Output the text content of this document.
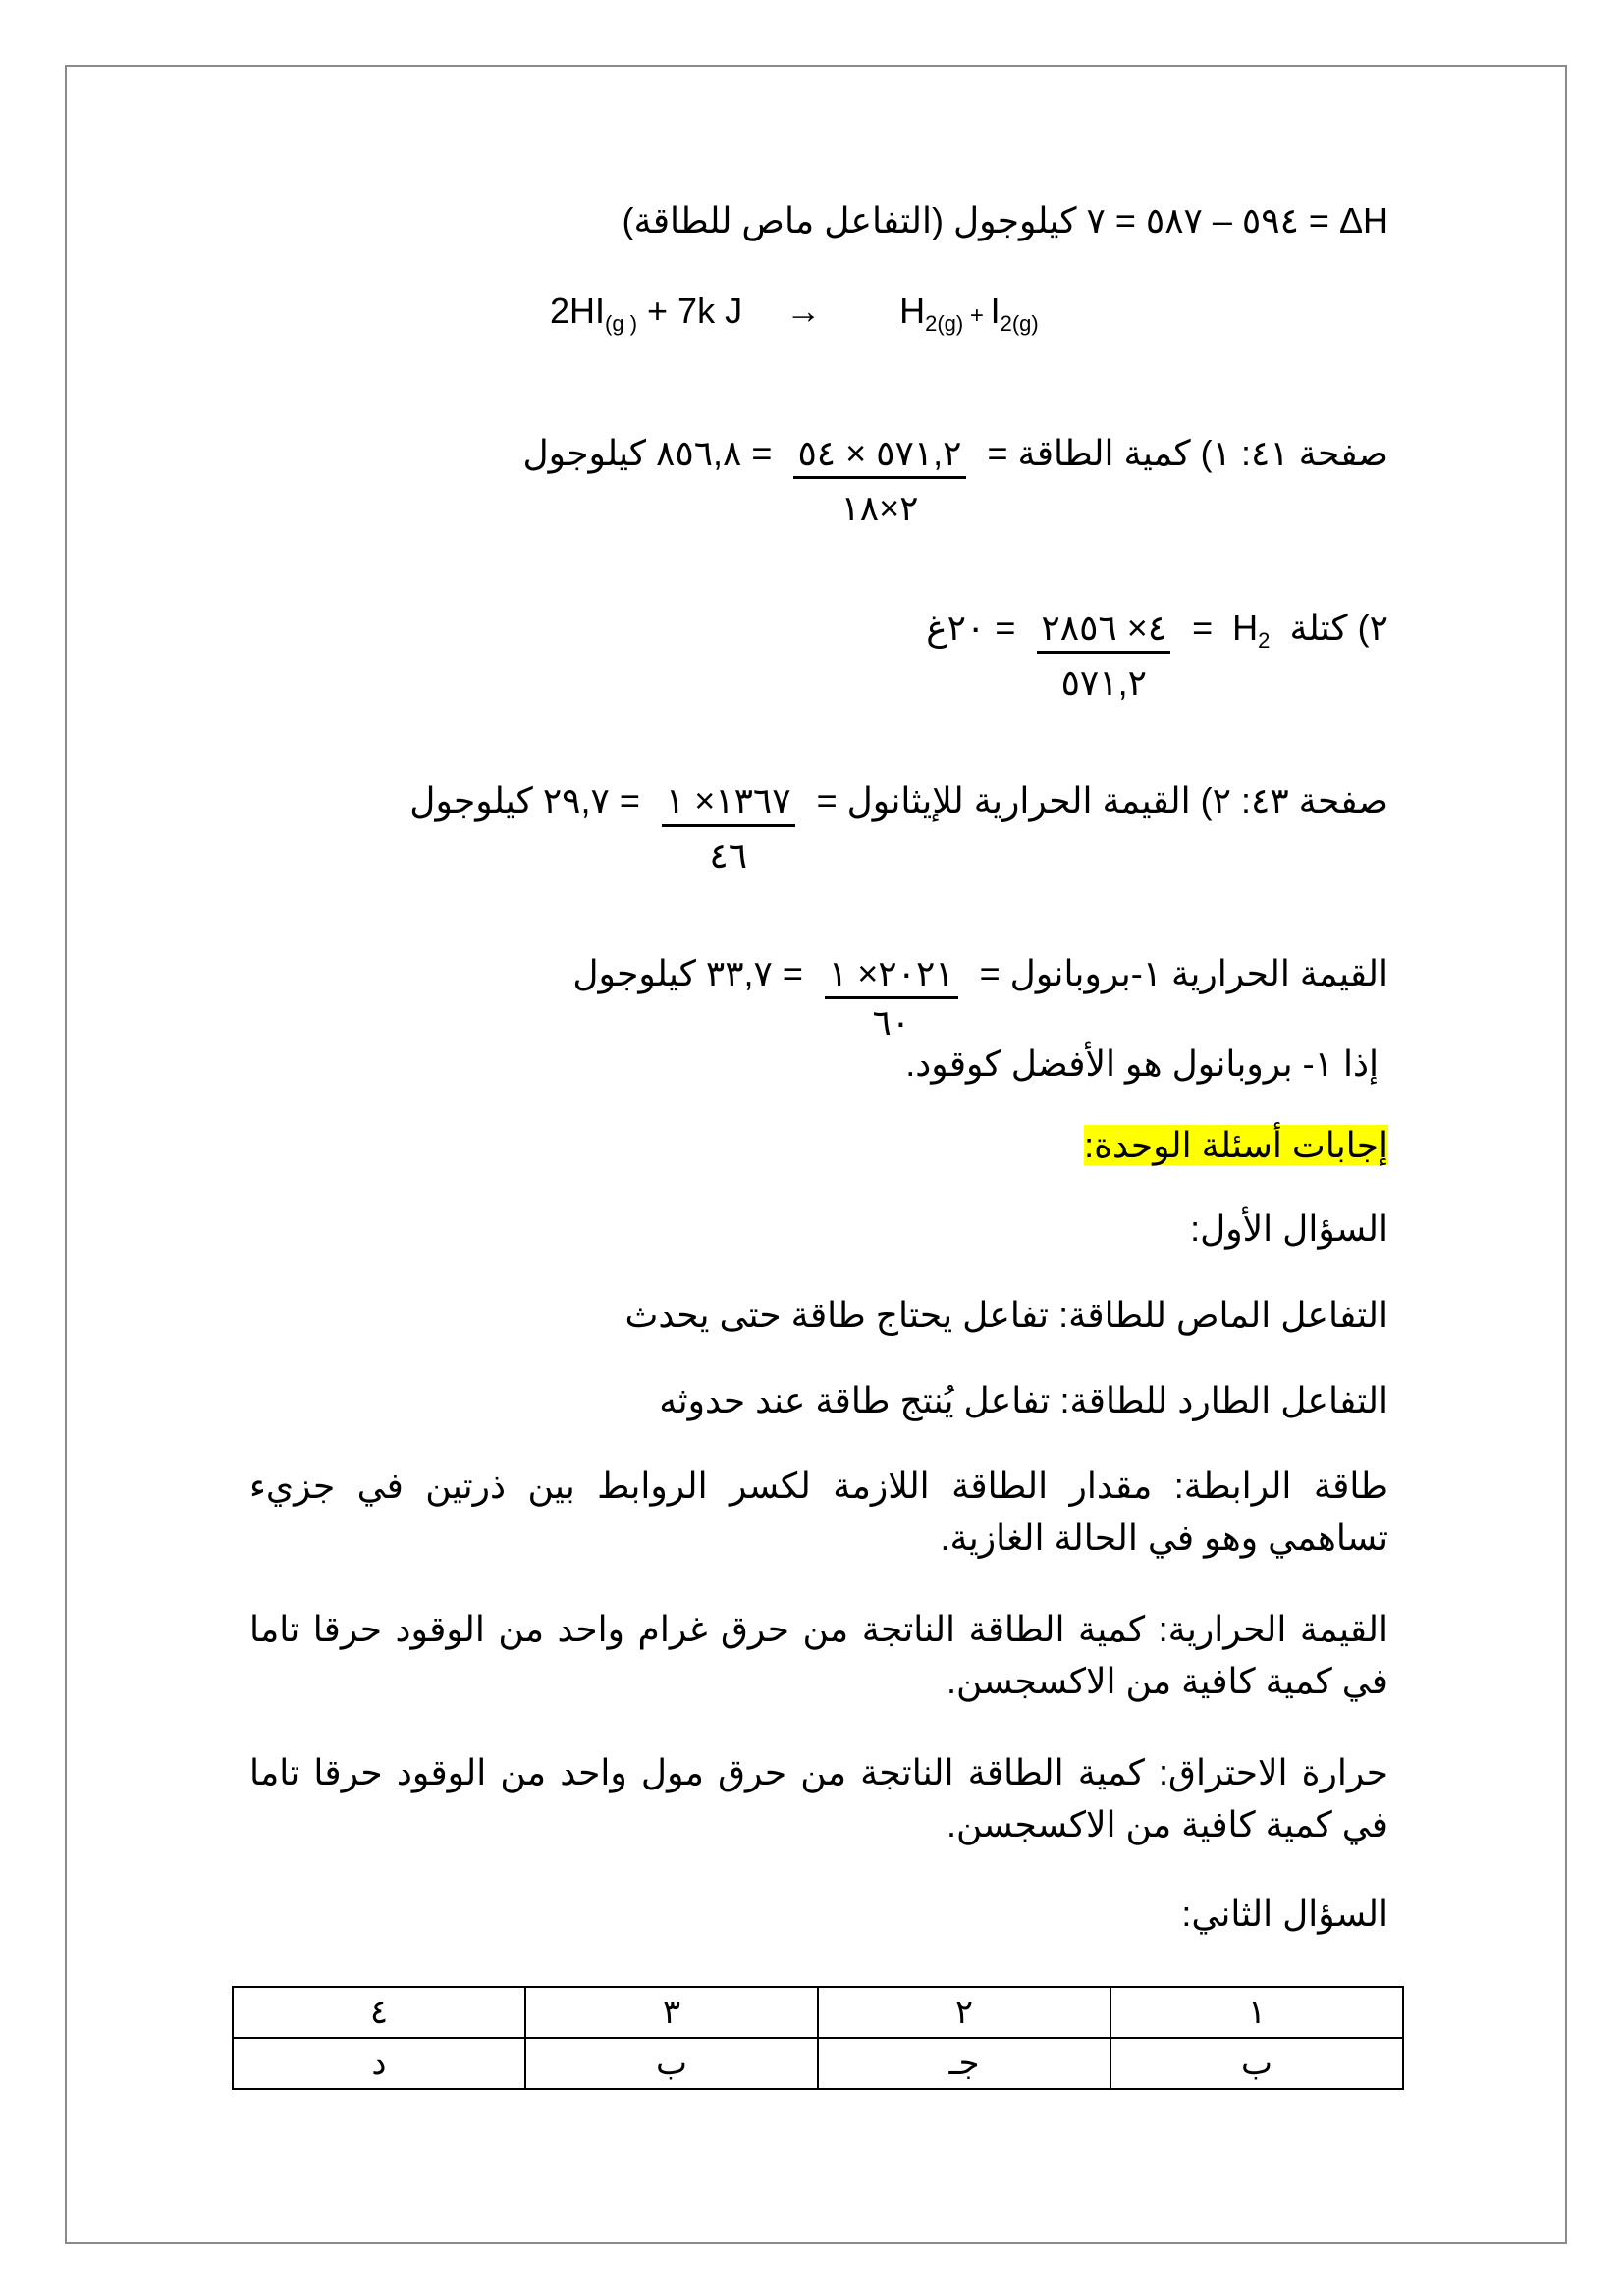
ΔH = ٥٩٤ – ٥٨٧ = ٧ كيلوجول (التفاعل ماص للطاقة)
$2HI_{(g )} + 7k$ $J \to H_{2(g)} + I_{2(g)}$
صفحة ٤١: ١) كمية الطاقة =
$\frac{٥٧١,٢ \times ٥٤}{٢\times ١٨}$
= ٨٥٦,٨ كيلوجول
٢) كتلة $H_2$ =
$\frac{٤\times ٢٨٥٦}{٥٧١,٢}$
= ٢٠غ
صفحة ٤٣: ٢) القيمة الحرارية للإيثانول =
$\frac{١٣٦٧\times ١}{٤٦}$
= ٢٩,٧ كيلوجول
القيمة الحرارية ١-بروبانول =
$\frac{٢٠٢١\times ١}{٦٠}$
= ٣٣,٧ كيلوجول
إذا ١- بروبانول هو الأفضل كوقود.
إجابات أسئلة الوحدة:
السؤال الأول:
التفاعل الماص للطاقة: تفاعل يحتاج طاقة حتى يحدث
التفاعل الطارد للطاقة: تفاعل يُنتج طاقة عند حدوثه
طاقة الرابطة: مقدار الطاقة اللازمة لكسر الروابط بين ذرتين في جزيء تساهمي وهو في الحالة الغازية.
القيمة الحرارية: كمية الطاقة الناتجة من حرق غرام واحد من الوقود حرقا تاما في كمية كافية من الاكسجسن.
حرارة الاحتراق: كمية الطاقة الناتجة من حرق مول واحد من الوقود حرقا تاما في كمية كافية من الاكسجسن.
السؤال الثاني:
١	٢	٣	٤
ب	جـ	ب	د
